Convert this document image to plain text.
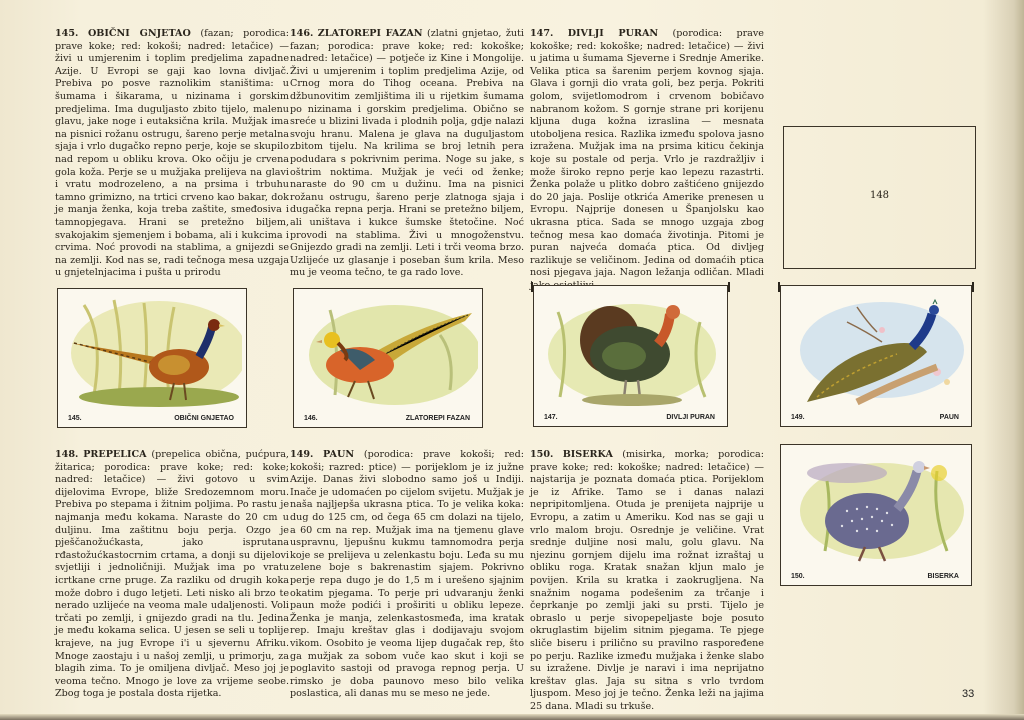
145. OBIČNI GNJETAO (fazan; porodica: prave koke; red: kokoši; nadred: letačice) — živi u umjerenim i toplim predjelima zapadne Azije. U Evropi se gaji kao lovna divljač. Prebiva po posve raznolikim staništima: u šumama i šikarama, u nizinama i gorskim predjelima. Ima duguljasto zbito tijelo, malenu glavu, jake noge i eutaksična krila. Mužjak ima na pisnici rožanu ostrugu, šareno perje metalna sjaja i vrlo dugačko repno perje, koje se skupilo nad repom u obliku krova. Oko očiju je crvena gola koža. Perje se u mužjaka prelijeva na glavi i vratu modrozeleno, a na prsima i trbuhu tamno grimizno, na trtici crveno kao bakar, dok je manja ženka, koja treba zaštite, smeđosiva i tamnopjegava. Hrani se pretežno biljem, svakojakim sjemenjem i bobama, ali i kukcima i crvima. Noć provodi na stablima, a gnijezdi se na zemlji. Kod nas se, radi tečnoga mesa uzgaja u gnjetelnjacima i pušta u prirodu
146. ZLATOREPI FAZAN (zlatni gnjetao, žuti fazan; porodica: prave koke; red: kokoške; nadred: letačice) — potječe iz Kine i Mongolije. Živi u umjerenim i toplim predjelima Azije, od Crnog mora do Tihog oceana. Prebiva na džbunovitim zemljištima ili u rijetkim šumama po nizinama i gorskim predjelima. Obično se sreće u blizini livada i plodnih polja, gdje nalazi svoju hranu. Malena je glava na duguljastom zbitom tijelu. Na krilima se broj letnih pera podudara s pokrivnim perima. Noge su jake, s oštrim noktima. Mužjak je veći od ženke; naraste do 90 cm u dužinu. Ima na pisnici rožanu ostrugu, šareno perje zlatnoga sjaja i dugačka repna perja. Hrani se pretežno biljem, ali uništava i kukce šumske štetočine. Noć provodi na stablima. Živi u mnogoženstvu. Gnijezdo gradi na zemlji. Leti i trči veoma brzo. Uzlijeće uz glasanje i poseban šum krila. Meso mu je veoma tečno, te ga rado love.
147. DIVLJI PURAN (porodica: prave kokoške; red: kokoške; nadred: letačice) — živi u jatima u šumama Sjeverne i Srednje Amerike. Velika ptica sa šarenim perjem kovnog sjaja. Glava i gornji dio vrata goli, bez perja. Pokriti golom, svijetlomodrom i crvenom bobičavo nabranom kožom. S gornje strane pri korijenu kljuna duga kožna izraslina — mesnata utoboljena resica. Razlika između spolova jasno izražena. Mužjak ima na prsima kiticu čekinja koje su postale od perja. Vrlo je razdražljiv i može široko repno perje kao lepezu razastrti. Ženka polaže u plitko dobro zaštićeno gnijezdo do 20 jaja. Poslije otkrića Amerike prenesen u Evropu. Najprije donesen u Španjolsku kao ukrasna ptica. Sada se mnogo uzgaja zbog tečnog mesa kao domaća životinja. Pitomi je puran najveća domaća ptica. Od divljeg razlikuje se veličinom. Jedina od domaćih ptica nosi pjegava jaja. Nagon ležanja odličan. Mladi
148. PREPELICA (prepelica obična, pućpura, žitarica; porodica: prave koke; red: koke; nadred: letačice) — živi gotovo u svim dijelovima Evrope, bliže Sredozemnom moru. Prebiva po stepama i žitnim poljima. Po rastu je najmanja među kokama. Naraste do 20 cm u duljinu. Ima zaštitnu boju perja. Ozgo je pješčanožućkasta, jako isprutana rđastožućkastocrnim crtama, a donji su dijelovi svjetliji i jednoličniji. Mužjak ima po vratu icrtkane crne pruge. Za razliku od drugih koka može dobro i dugo letjeti. Leti nisko ali brzo te nerado uzlijeće na veoma male udaljenosti. Voli trčati po zemlji, i gnijezdo gradi na tlu. Jedina je među kokama selica. U jesen se seli u toplije krajeve, na jug Evrope i'i u sjevernu Afriku. Mnoge zaostaju i u našoj zemlji, u primorju, za blagih zima. To je omiljena divljač. Meso joj je veoma tečno. Mnogo je love za vrijeme seobe. Zbog toga je postala dosta rijetka.
149. PAUN (porodica: prave kokoši; red: kokoši; razred: ptice) — porijeklom je iz južne Azije. Danas živi slobodno samo još u Indiji. Inače je udomaćen po cijelom svijetu. Mužjak je naša najljepša ukrasna ptica. To je velika koka: dug do 125 cm, od čega 65 cm dolazi na tijelo, a 60 cm na rep. Mužjak ima na tjemenu glave uspravnu, ljepušnu kukmu tamnomodra perja koje se prelijeva u zelenkastu boju. Leđa su mu zelene boje s bakrenastim sjajem. Pokrivno perje repa dugo je do 1,5 m i urešeno sjajnim okatim pjegama. To perje pri udvaranju ženki paun može podići i proširiti u obliku lepeze. Ženka je manja, zelenkastosmeđa, ima kratak rep. Imaju kreštav glas i dodijavaju svojom vikom. Osobito je veoma lijep dugačak rep, što ga mužjak za sobom vuče kao skut i koji se poglavito sastoji od pravoga repnog perja. U rimsko je doba paunovo meso bilo velika poslastica, ali danas mu se meso ne jede.
150. BISERKA (misirka, morka; porodica: prave koke; red: kokoške; nadred: letačice) — najstarija je poznata domaća ptica. Porijeklom je iz Afrike. Tamo se i danas nalazi nepripitomljena. Otuda je prenijeta najprije u Evropu, a zatim u Ameriku. Kod nas se gaji u vrlo malom broju. Osrednje je veličine. Vrat srednje duljine nosi malu, golu glavu. Na njezinu gornjem dijelu ima rožnat izraštaj u obliku roga. Kratak snažan kljun malo je povijen. Krila su kratka i zaokrugljena. Na snažnim nogama podešenim za trčanje i čeprkanje po zemlji jaki su prsti. Tijelo je obraslo u perje sivopepeljaste boje posuto okruglastim bijelim sitnim pjegama. Te pjege sliče biseru i prilično su pravilno raspoređene po perju. Razlike između mužjaka i ženke slabo su izražene. Divlje je naravi i ima neprijatno kreštav glas. Jaja su sitna s vrlo tvrdom ljuspom. Meso joj je tečno. Ženka leži na jajima 25 dana. Mladi su trkuše.
148
145.	OBIČNI GNJETAO	146.	ZLATOREPI FAZAN	147.	DIVLJI PURAN	149.	PAUN
150.	BISERKA
33
